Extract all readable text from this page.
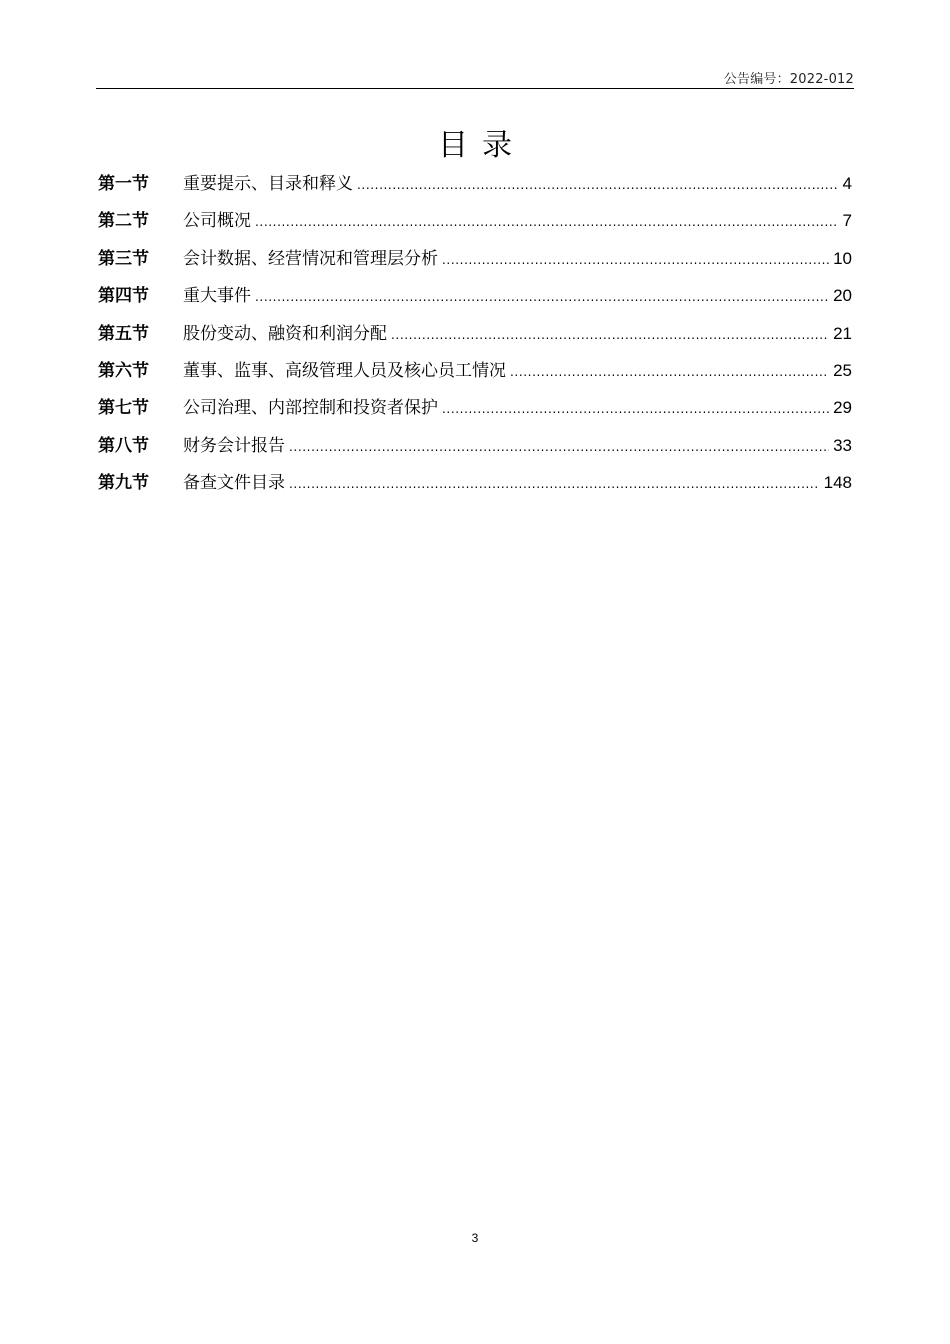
公告编号：2022-012
目录
第一节	重要提示、目录和释义 .....	4
第二节	公司概况 .....	7
第三节	会计数据、经营情况和管理层分析 .....	10
第四节	重大事件 .....	20
第五节	股份变动、融资和利润分配 .....	21
第六节	董事、监事、高级管理人员及核心员工情况 .....	25
第七节	公司治理、内部控制和投资者保护 .....	29
第八节	财务会计报告 .....	33
第九节	备查文件目录 .....	148
3
